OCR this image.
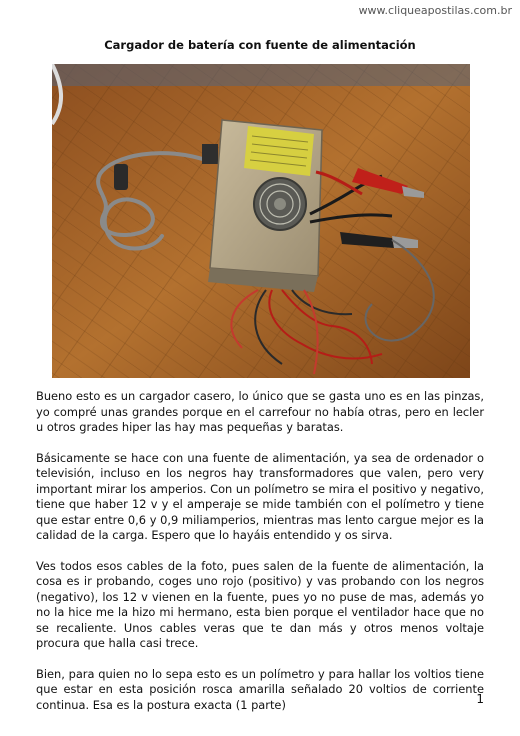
www.cliqueapostilas.com.br
Cargador de batería con fuente de alimentación

Bueno esto es un cargador casero, lo único que se gasta uno es en las pinzas, yo compré unas grandes porque en el carrefour no había otras, pero en lecler u otros grades hiper las hay mas pequeñas y baratas.

Básicamente se hace con una fuente de alimentación, ya sea de ordenador o televisión, incluso en los negros hay transformadores que valen, pero very important mirar los amperios. Con un polímetro se mira el positivo y negativo, tiene que haber 12 v y el amperaje se mide también con el polímetro y tiene que estar entre 0,6 y 0,9 miliamperios, mientras mas lento cargue mejor es la calidad de la carga. Espero que lo hayáis entendido y os sirva.

Ves todos esos cables de la foto, pues salen de la fuente de alimentación, la cosa es ir probando, coges uno rojo (positivo) y vas probando con los negros (negativo), los 12 v vienen en la fuente, pues yo no puse de mas, además yo no la hice me la hizo mi hermano, esta bien porque el ventilador hace que no se recaliente. Unos cables veras que te dan más y otros menos voltaje procura que halla casi trece.

Bien, para quien no lo sepa esto es un polímetro y para hallar los voltios tiene que estar en esta posición rosca amarilla señalado 20 voltios de corriente continua. Esa es la postura exacta (1 parte)	1
